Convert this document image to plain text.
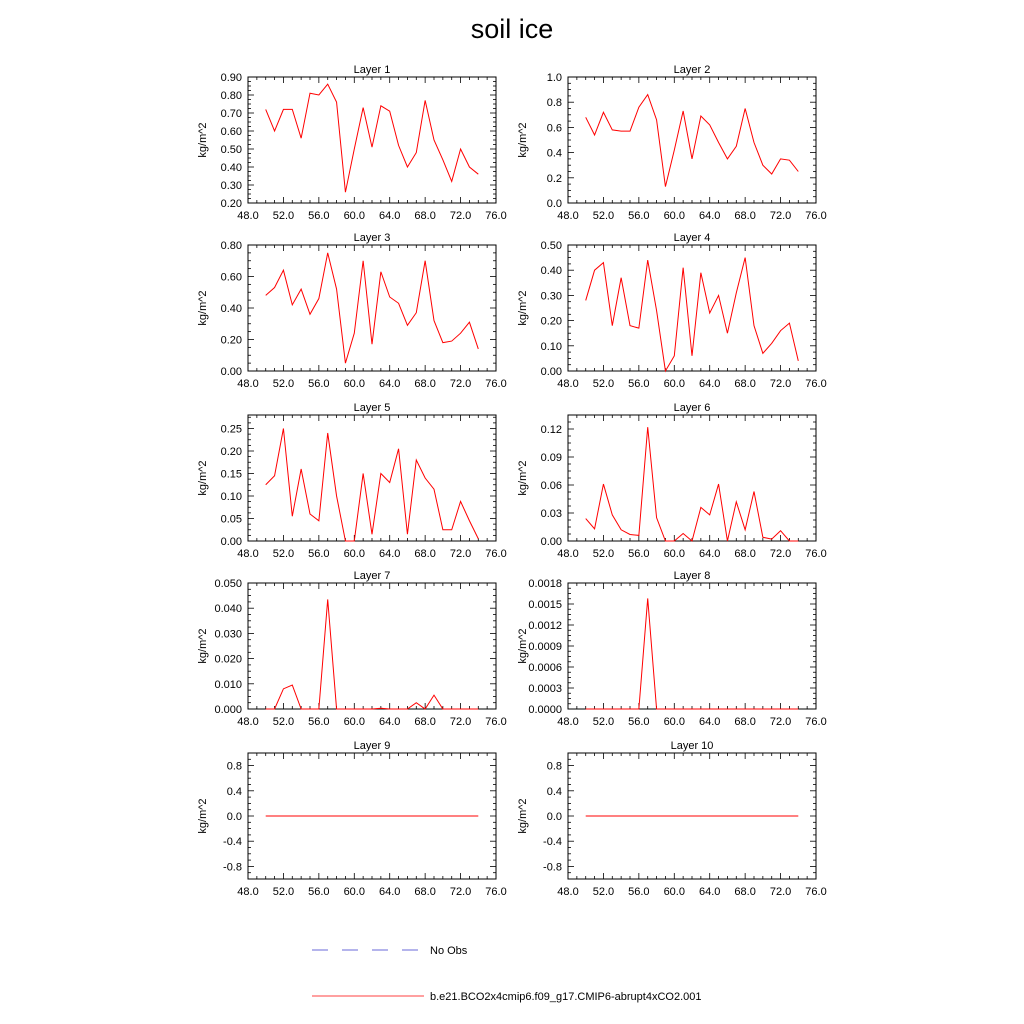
soil ice
Layer 1
48.0 52.0 56.0 60.0 64.0 68.0 72.0 76.0
0.20
0.30
0.40
0.50
0.60
0.70
0.80
0.90
kg/m^2
Layer 2
48.0 52.0 56.0 60.0 64.0 68.0 72.0 76.0
0.0
0.2
0.4
0.6
0.8
1.0
kg/m^2
Layer 3
48.0 52.0 56.0 60.0 64.0 68.0 72.0 76.0
0.00
0.20
0.40
0.60
0.80
kg/m^2
Layer 4
48.0 52.0 56.0 60.0 64.0 68.0 72.0 76.0
0.00
0.10
0.20
0.30
0.40
0.50
kg/m^2
Layer 5
48.0 52.0 56.0 60.0 64.0 68.0 72.0 76.0
0.00
0.05
0.10
0.15
0.20
0.25
kg/m^2
Layer 6
48.0 52.0 56.0 60.0 64.0 68.0 72.0 76.0
0.00
0.03
0.06
0.09
0.12
kg/m^2
Layer 7
48.0 52.0 56.0 60.0 64.0 68.0 72.0 76.0
0.000
0.010
0.020
0.030
0.040
0.050
kg/m^2
Layer 8
48.0 52.0 56.0 60.0 64.0 68.0 72.0 76.0
0.0000
0.0003
0.0006
0.0009
0.0012
0.0015
0.0018
kg/m^2
Layer 9
48.0 52.0 56.0 60.0 64.0 68.0 72.0 76.0
-0.8
-0.4
0.0
0.4
0.8
kg/m^2
Layer 10
48.0 52.0 56.0 60.0 64.0 68.0 72.0 76.0
-0.8
-0.4
0.0
0.4
0.8
kg/m^2
No Obs
b.e21.BCO2x4cmip6.f09_g17.CMIP6-abrupt4xCO2.001
